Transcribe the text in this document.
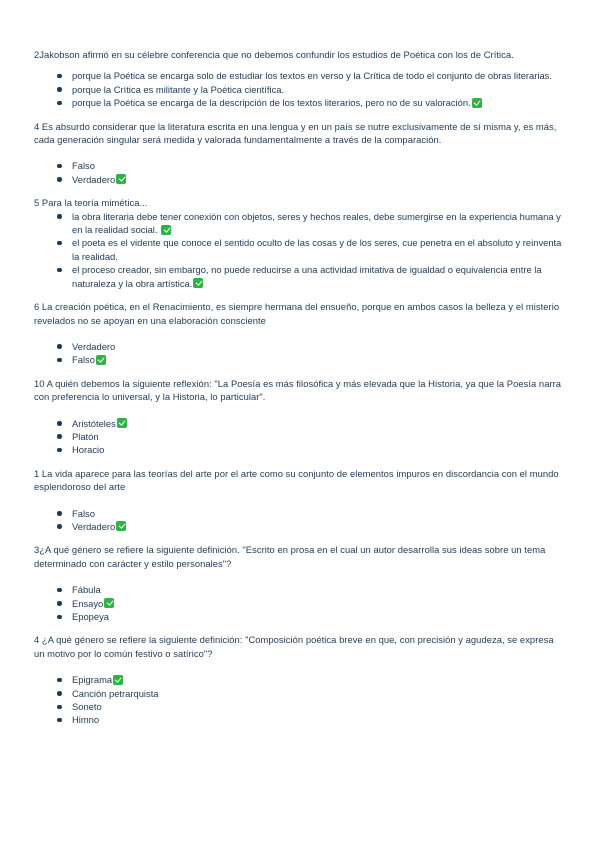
2Jakobson afirmó en su célebre conferencia que no debemos confundir los estudios de Poética con los de Crítica.

porque la Poética se encarga solo de estudiar los textos en verso y la Crítica de todo el conjunto de obras literarias.
porque la Crítica es militante y la Poética científica.
porque la Poética se encarga de la descripción de los textos literarios, pero no de su valoración.

4 Es absurdo considerar que la literatura escrita en una lengua y en un país se nutre exclusivamente de sí misma y, es más, cada generación singular será medida y valorada fundamentalmente a través de la comparación.

Falso
Verdadero

5 Para la teoría mimética...

la obra literaria debe tener conexión con objetos, seres y hechos reales, debe sumergirse en la experiencia humana y en la realidad social.
el poeta es el vidente que conoce el sentido oculto de las cosas y de los seres, cue penetra en el absoluto y reinventa la realidad.
el proceso creador, sin embargo, no puede reducirse a una actividad imitativa de igualdad o equivalencia entre la naturaleza y la obra artística.

6 La creación poética, en el Renacimiento, es siempre hermana del ensueño, porque en ambos casos la belleza y el misterio revelados no se apoyan en una elaboración consciente

Verdadero
Falso

10 A quién debemos la siguiente reflexión: "La Poesía es más filosófica y más elevada que la Historia, ya que la Poesía narra con preferencia lo universal, y la Historia, lo particular".

Aristóteles
Platón
Horacio

1 La vida aparece para las teorías del arte por el arte como su conjunto de elementos impuros en discordancia con el mundo esplendoroso del arte

Falso
Verdadero

3¿A qué género se refiere la siguiente definición. "Escrito en prosa en el cual un autor desarrolla sus ideas sobre un tema determinado con carácter y estilo personales"?

Fábula
Ensayo
Epopeya

4 ¿A qué género se refiere la siguiente definición: "Composición poética breve en que, con precisión y agudeza, se expresa un motivo por lo común festivo o satírico"?

Epigrama
Canción petrarquista
Soneto
Himno
